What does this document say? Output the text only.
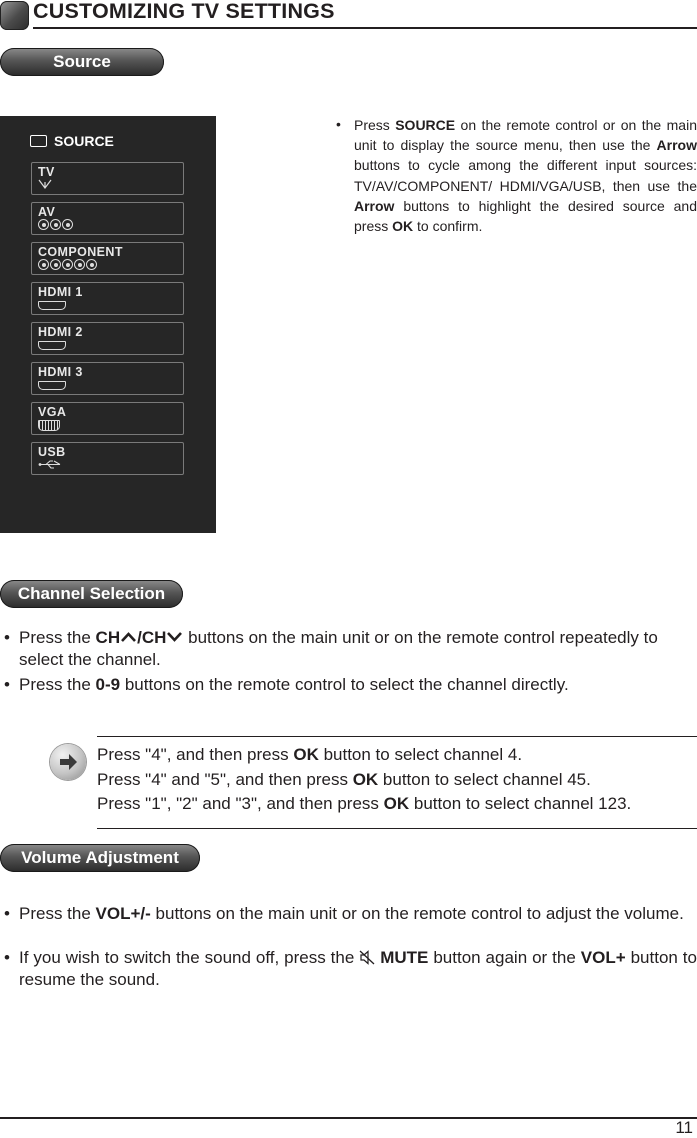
CUSTOMIZING TV SETTINGS
Source
SOURCE
TV
AV
COMPONENT
HDMI 1
HDMI 2
HDMI 3
VGA
USB
• Press SOURCE on the remote control or on the main unit to display the source menu, then use the Arrow buttons to cycle among the different input sources: TV/AV/COMPONENT/ HDMI/VGA/USB, then use the Arrow buttons to highlight the desired source and press OK to confirm.
Channel Selection
• Press the CH /CH buttons on the main unit or on the remote control repeatedly to select the channel.
• Press the 0-9 buttons on the remote control to select the channel directly.
Press "4", and then press OK button to select channel 4.
Press "4" and "5", and then press OK button to select channel 45.
Press "1", "2" and "3", and then press OK button to select channel 123.
Volume Adjustment
• Press the VOL+/- buttons on the main unit or on the remote control to adjust the volume.
• If you wish to switch the sound off, press the  MUTE button again or the VOL+ button to resume the sound.
11
